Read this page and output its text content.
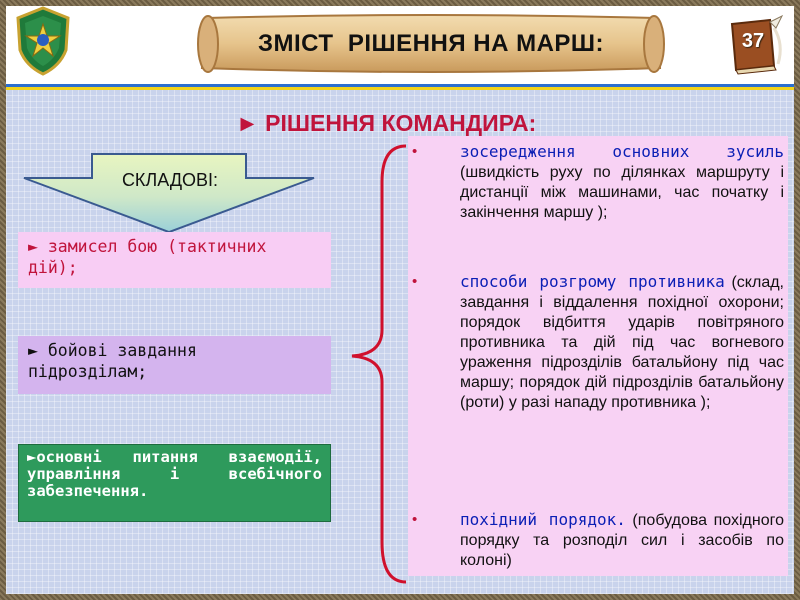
ЗМІСТ  РІШЕННЯ НА МАРШ:	37
► РІШЕННЯ КОМАНДИРА:
СКЛАДОВІ:
► замисел бою (тактичних дій);
► бойові завдання підрозділам;
►основні питання взаємодії, управління і всебічного забезпечення.
•	зосередження основних зусиль (швидкість руху по ділянках маршруту і дистанції між машинами, час початку і закінчення маршу );
•	способи розгрому противника (склад, завдання і віддалення похідної охорони; порядок відбиття ударів повітряного противника та дій під час вогневого ураження підрозділів батальйону під час маршу; порядок дій підрозділів батальйону (роти) у разі нападу противника );
•	похідний порядок. (побудова похідного порядку та розподіл сил і засобів по колоні)
